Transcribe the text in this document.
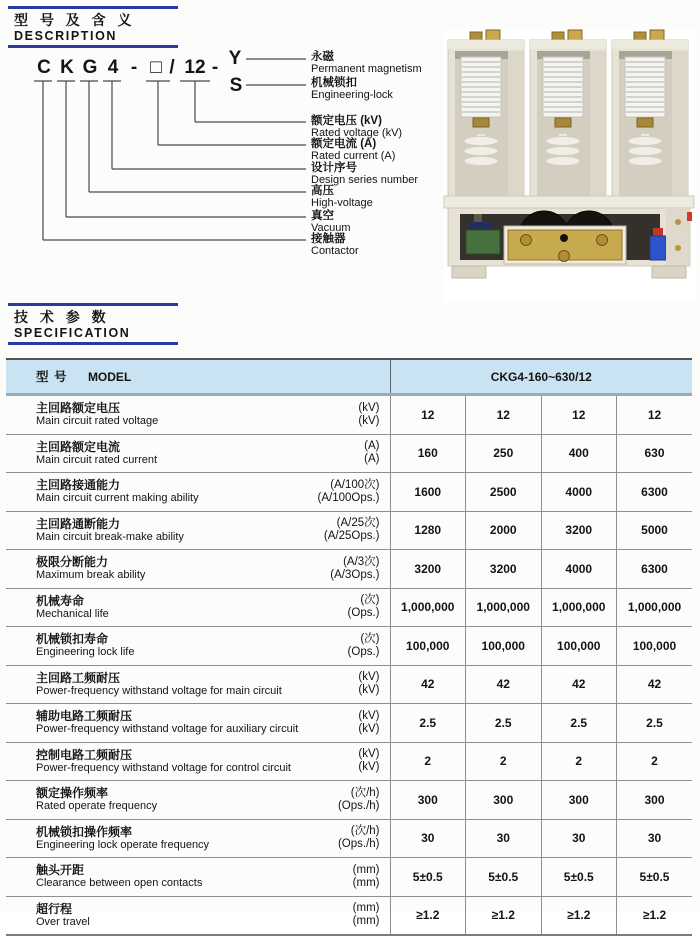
型 号 及 含 义
DESCRIPTION
C K G 4 - □ / 12 - Y
S
永磁
Permanent magnetism
机械锁扣
Engineering-lock
额定电压 (kV)
Rated voltage (kV)
额定电流 (A)
Rated current (A)
设计序号
Design series number
高压
High-voltage
真空
Vacuum
接触器
Contactor
技 术 参 数
SPECIFICATION
型 号 MODEL	CKG4-160~630/12			

主回路额定电压
Main circuit rated voltage
(kV)
(kV)	12	12	12	12

主回路额定电流
Main circuit rated current
(A)
(A)	160	250	400	630

主回路接通能力
Main circuit current making ability
(A/100次)
(A/100Ops.)	1600	2500	4000	6300

主回路通断能力
Main circuit break-make ability
(A/25次)
(A/25Ops.)	1280	2000	3200	5000

极限分断能力
Maximum break ability
(A/3次)
(A/3Ops.)	3200	3200	4000	6300

机械寿命
Mechanical life
(次)
(Ops.)	1,000,000	1,000,000	1,000,000	1,000,000

机械锁扣寿命
Engineering lock life
(次)
(Ops.)	100,000	100,000	100,000	100,000

主回路工频耐压
Power-frequency withstand voltage for main circuit
(kV)
(kV)	42	42	42	42

辅助电路工频耐压
Power-frequency withstand voltage for auxiliary circuit
(kV)
(kV)	2.5	2.5	2.5	2.5

控制电路工频耐压
Power-frequency withstand voltage for control circuit
(kV)
(kV)	2	2	2	2

额定操作频率
Rated operate frequency
(次/h)
(Ops./h)	300	300	300	300

机械锁扣操作频率
Engineering lock operate frequency
(次/h)
(Ops./h)	30	30	30	30

触头开距
Clearance between open contacts
(mm)
(mm)	5±0.5	5±0.5	5±0.5	5±0.5

超行程
Over travel
(mm)
(mm)	≥1.2	≥1.2	≥1.2	≥1.2
